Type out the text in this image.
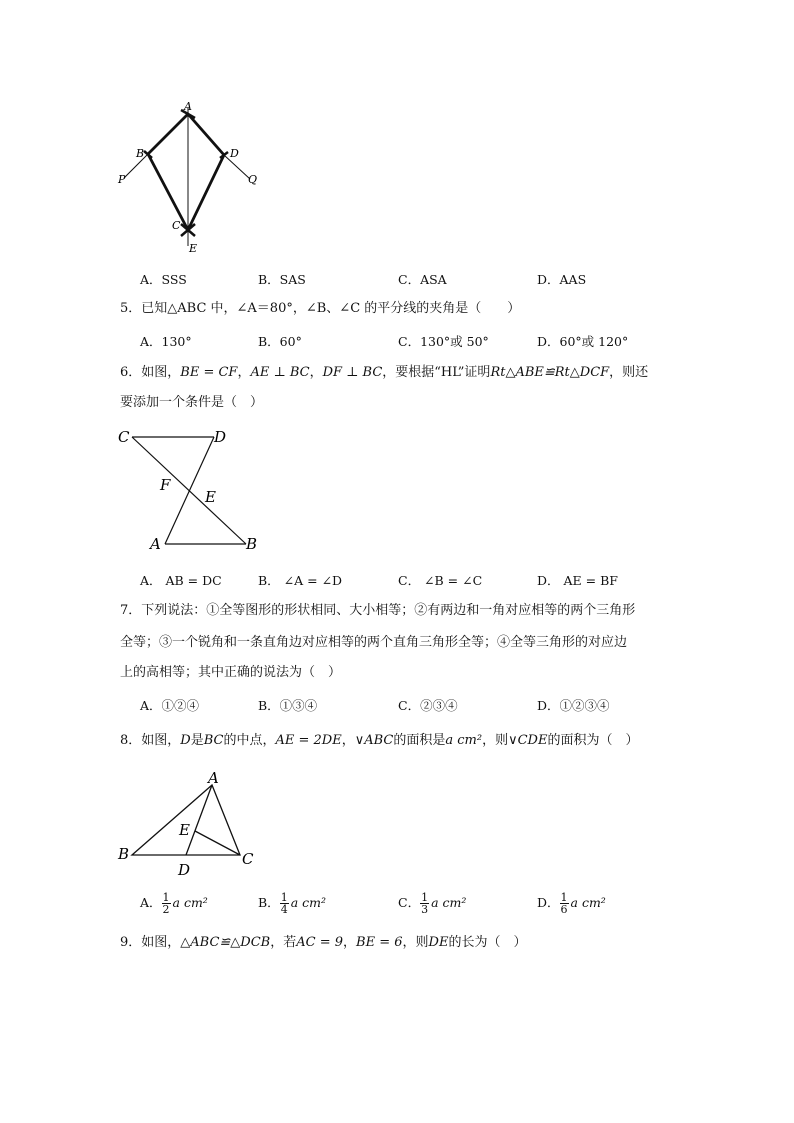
A
B
P
D
Q
C
E
A．SSS	B．SAS	C．ASA	D．AAS
5．已知△ABC 中，∠A＝80°，∠B、∠C 的平分线的夹角是（　　）
A．130°	B．60°	C．130°或 50°	D．60°或 120°
6．如图，BE = CF，AE ⊥ BC，DF ⊥ BC，要根据“HL”证明Rt△ABE≌Rt△DCF，则还
要添加一个条件是（　）
C	D
F
E
A	B
A． AB = DC	B． ∠A = ∠D	C． ∠B = ∠C	D． AE = BF
7．下列说法：①全等图形的形状相同、大小相等；②有两边和一角对应相等的两个三角形
全等；③一个锐角和一条直角边对应相等的两个直角三角形全等；④全等三角形的对应边
上的高相等；其中正确的说法为（　）
A．①②④	B．①③④	C．②③④	D．①②③④
8．如图，D是BC的中点，AE = 2DE，∨ABC的面积是a cm²，则∨CDE的面积为（　）
A
E
B
D
C
A． $\frac{1}{2}$ a cm²	B． $\frac{1}{4}$ a cm²	C． $\frac{1}{3}$ a cm²	D． $\frac{1}{6}$ a cm²
9．如图，△ABC≌△DCB，若AC = 9，BE = 6，则DE的长为（　）
